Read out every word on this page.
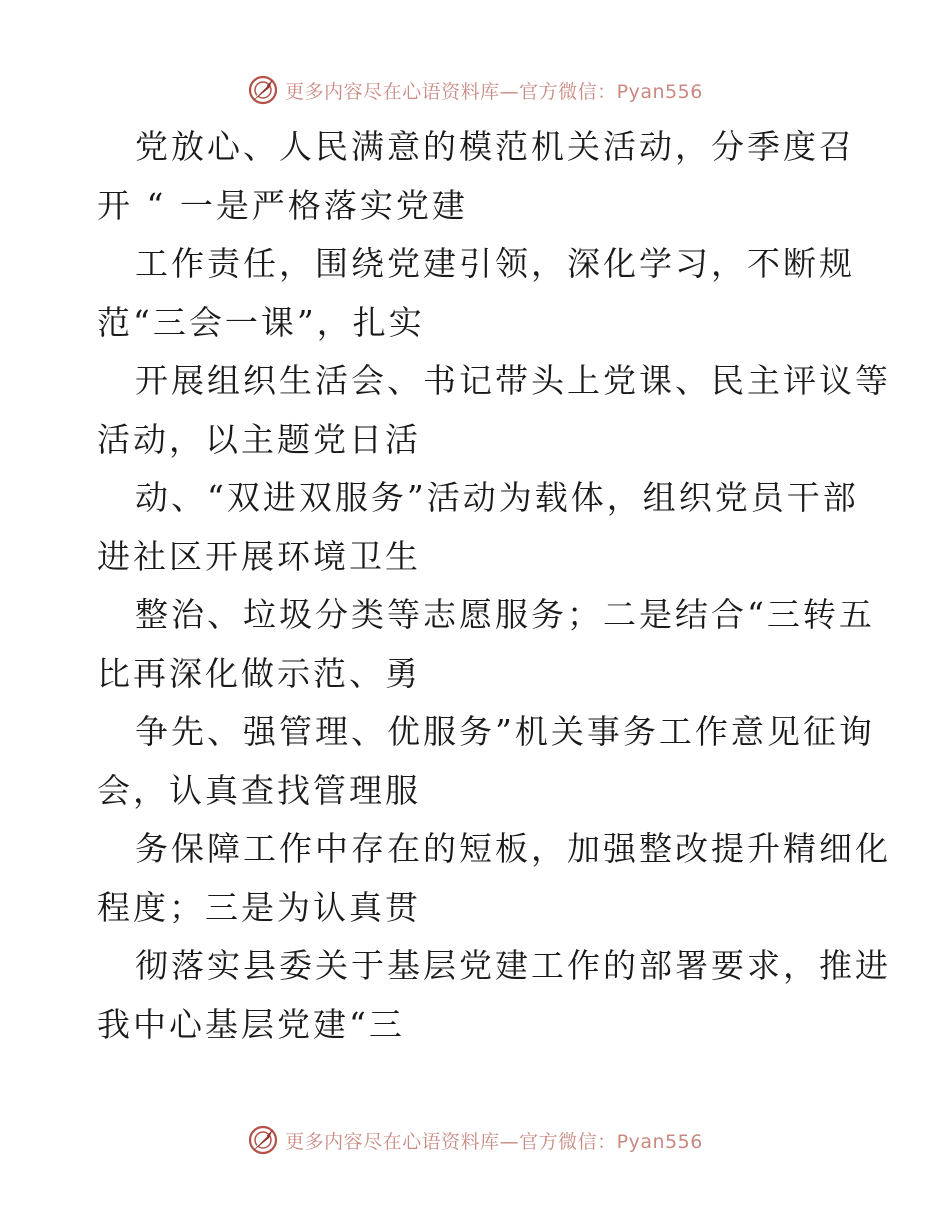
更多内容尽在心语资料库—官方微信：Pyan556
党放心、人民满意的模范机关活动，分季度召
开 “ 一是严格落实党建
工作责任，围绕党建引领，深化学习，不断规
范“三会一课”，扎实
开展组织生活会、书记带头上党课、民主评议等
活动，以主题党日活
动、“双进双服务”活动为载体，组织党员干部
进社区开展环境卫生
整治、垃圾分类等志愿服务；二是结合“三转五
比再深化做示范、勇
争先、强管理、优服务”机关事务工作意见征询
会，认真查找管理服
务保障工作中存在的短板，加强整改提升精细化
程度；三是为认真贯
彻落实县委关于基层党建工作的部署要求，推进
我中心基层党建“三
更多内容尽在心语资料库—官方微信：Pyan556
